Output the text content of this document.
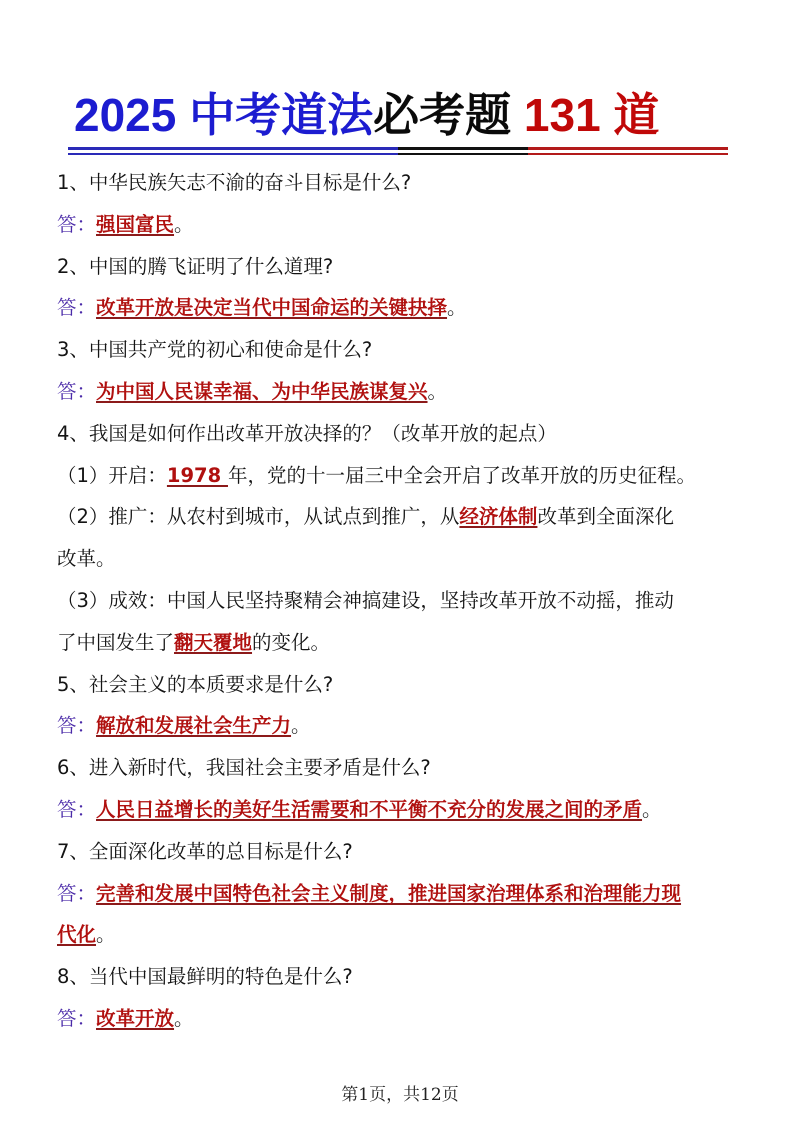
2025 中考道法必考题 131 道
1、中华民族矢志不渝的奋斗目标是什么?
答：强国富民。
2、中国的腾飞证明了什么道理?
答：改革开放是决定当代中国命运的关键抉择。
3、中国共产党的初心和使命是什么?
答：为中国人民谋幸福、为中华民族谋复兴。
4、我国是如何作出改革开放决择的？（改革开放的起点）
（1）开启：1978 年，党的十一届三中全会开启了改革开放的历史征程。
（2）推广：从农村到城市，从试点到推广，从经济体制改革到全面深化
改革。
（3）成效：中国人民坚持聚精会神搞建设，坚持改革开放不动摇，推动
了中国发生了翻天覆地的变化。
5、社会主义的本质要求是什么?
答：解放和发展社会生产力。
6、进入新时代，我国社会主要矛盾是什么?
答：人民日益增长的美好生活需要和不平衡不充分的发展之间的矛盾。
7、全面深化改革的总目标是什么?
答：完善和发展中国特色社会主义制度，推进国家治理体系和治理能力现
代化。
8、当代中国最鲜明的特色是什么?
答：改革开放。
第1页，共12页
